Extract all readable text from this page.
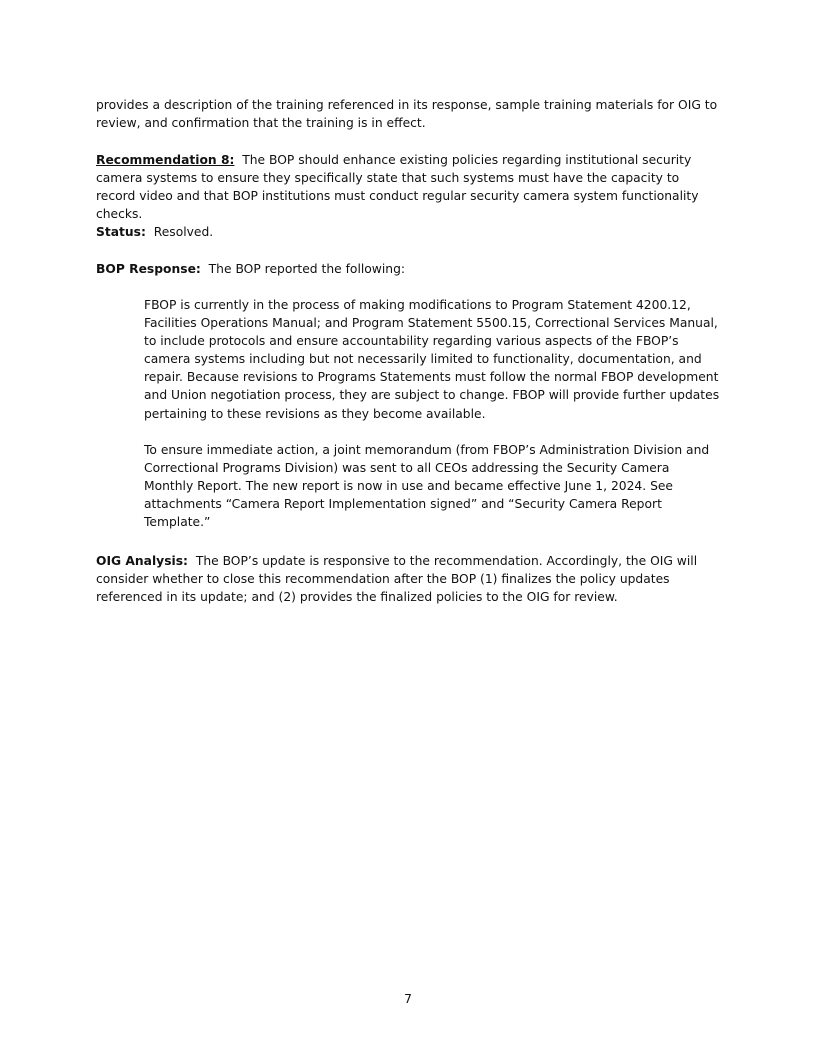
provides a description of the training referenced in its response, sample training materials for OIG to review, and confirmation that the training is in effect.

Recommendation 8: The BOP should enhance existing policies regarding institutional security camera systems to ensure they specifically state that such systems must have the capacity to record video and that BOP institutions must conduct regular security camera system functionality checks.

Status: Resolved.

BOP Response: The BOP reported the following:

FBOP is currently in the process of making modifications to Program Statement 4200.12, Facilities Operations Manual; and Program Statement 5500.15, Correctional Services Manual, to include protocols and ensure accountability regarding various aspects of the FBOP’s camera systems including but not necessarily limited to functionality, documentation, and repair. Because revisions to Programs Statements must follow the normal FBOP development and Union negotiation process, they are subject to change. FBOP will provide further updates pertaining to these revisions as they become available.

To ensure immediate action, a joint memorandum (from FBOP’s Administration Division and Correctional Programs Division) was sent to all CEOs addressing the Security Camera Monthly Report. The new report is now in use and became effective June 1, 2024. See attachments “Camera Report Implementation signed” and “Security Camera Report Template.”

OIG Analysis: The BOP’s update is responsive to the recommendation. Accordingly, the OIG will consider whether to close this recommendation after the BOP (1) finalizes the policy updates referenced in its update; and (2) provides the finalized policies to the OIG for review.

7
